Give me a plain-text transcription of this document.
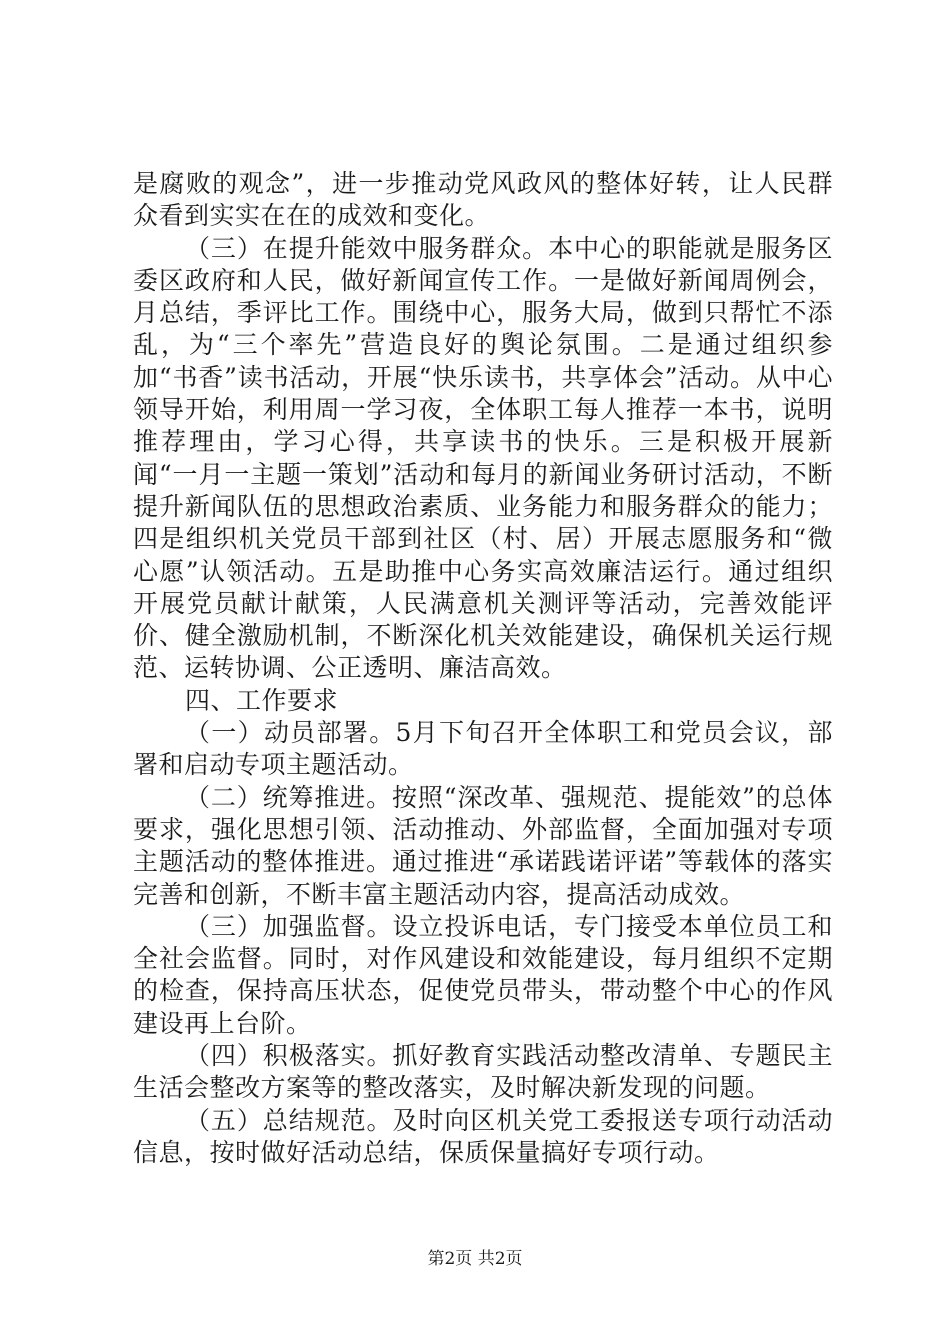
是腐败的观念”，进一步推动党风政风的整体好转，让人民群众看到实实在在的成效和变化。

（三）在提升能效中服务群众。本中心的职能就是服务区委区政府和人民，做好新闻宣传工作。一是做好新闻周例会，月总结，季评比工作。围绕中心，服务大局，做到只帮忙不添乱，为“三个率先”营造良好的舆论氛围。二是通过组织参加“书香”读书活动，开展“快乐读书，共享体会”活动。从中心领导开始，利用周一学习夜，全体职工每人推荐一本书，说明推荐理由，学习心得，共享读书的快乐。三是积极开展新闻“一月一主题一策划”活动和每月的新闻业务研讨活动，不断提升新闻队伍的思想政治素质、业务能力和服务群众的能力；四是组织机关党员干部到社区（村、居）开展志愿服务和“微心愿”认领活动。五是助推中心务实高效廉洁运行。通过组织开展党员献计献策，人民满意机关测评等活动，完善效能评价、健全激励机制，不断深化机关效能建设，确保机关运行规范、运转协调、公正透明、廉洁高效。

四、工作要求

（一）动员部署。5月下旬召开全体职工和党员会议，部署和启动专项主题活动。

（二）统筹推进。按照“深改革、强规范、提能效”的总体要求，强化思想引领、活动推动、外部监督，全面加强对专项主题活动的整体推进。通过推进“承诺践诺评诺”等载体的落实完善和创新，不断丰富主题活动内容，提高活动成效。

（三）加强监督。设立投诉电话，专门接受本单位员工和全社会监督。同时，对作风建设和效能建设，每月组织不定期的检查，保持高压状态，促使党员带头，带动整个中心的作风建设再上台阶。

（四）积极落实。抓好教育实践活动整改清单、专题民主生活会整改方案等的整改落实，及时解决新发现的问题。

（五）总结规范。及时向区机关党工委报送专项行动活动信息，按时做好活动总结，保质保量搞好专项行动。

第2页 共2页
